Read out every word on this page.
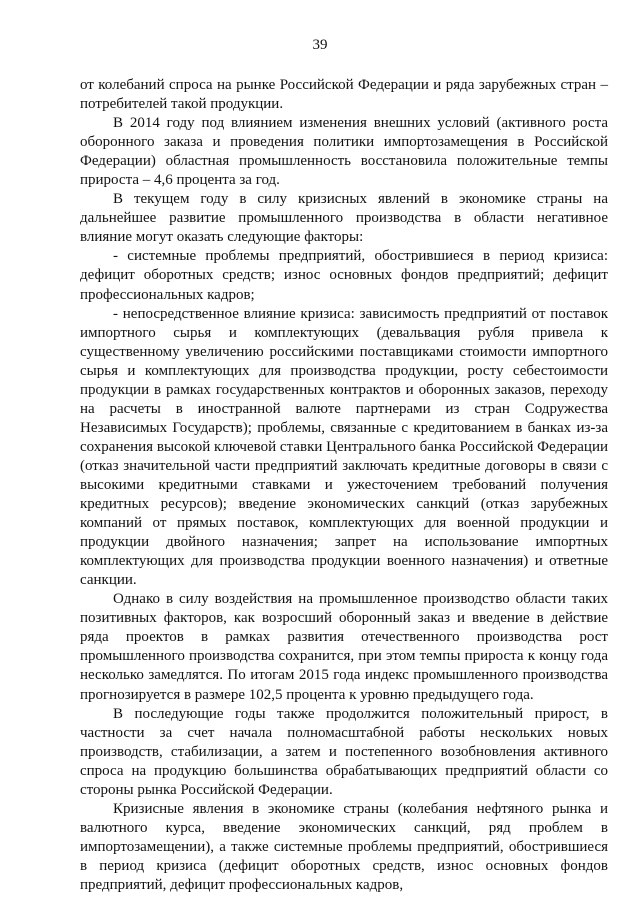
39

от колебаний спроса на рынке Российской Федерации и ряда зарубежных стран – потребителей такой продукции.

В 2014 году под влиянием изменения внешних условий (активного роста оборонного заказа и проведения политики импортозамещения в Российской Федерации) областная промышленность восстановила положительные темпы прироста – 4,6 процента за год.

В текущем году в силу кризисных явлений в экономике страны на дальнейшее развитие промышленного производства в области негативное влияние могут оказать следующие факторы:

- системные проблемы предприятий, обострившиеся в период кризиса: дефицит оборотных средств; износ основных фондов предприятий; дефицит профессиональных кадров;

- непосредственное влияние кризиса: зависимость предприятий от поставок импортного сырья и комплектующих (девальвация рубля привела к существенному увеличению российскими поставщиками стоимости импортного сырья и комплектующих для производства продукции, росту себестоимости продукции в рамках государственных контрактов и оборонных заказов, переходу на расчеты в иностранной валюте партнерами из стран Содружества Независимых Государств); проблемы, связанные с кредитованием в банках из-за сохранения высокой ключевой ставки Центрального банка Российской Федерации (отказ значительной части предприятий заключать кредитные договоры в связи с высокими кредитными ставками и ужесточением требований получения кредитных ресурсов); введение экономических санкций (отказ зарубежных компаний от прямых поставок, комплектующих для военной продукции и продукции двойного назначения; запрет на использование импортных комплектующих для производства продукции военного назначения) и ответные санкции.

Однако в силу воздействия на промышленное производство области таких позитивных факторов, как возросший оборонный заказ и введение в действие ряда проектов в рамках развития отечественного производства рост промышленного производства сохранится, при этом темпы прироста к концу года несколько замедлятся. По итогам 2015 года индекс промышленного производства прогнозируется в размере 102,5 процента к уровню предыдущего года.

В последующие годы также продолжится положительный прирост, в частности за счет начала полномасштабной работы нескольких новых производств, стабилизации, а затем и постепенного возобновления активного спроса на продукцию большинства обрабатывающих предприятий области со стороны рынка Российской Федерации.

Кризисные явления в экономике страны (колебания нефтяного рынка и валютного курса, введение экономических санкций, ряд проблем в импортозамещении), а также системные проблемы предприятий, обострившиеся в период кризиса (дефицит оборотных средств, износ основных фондов предприятий, дефицит профессиональных кадров,
